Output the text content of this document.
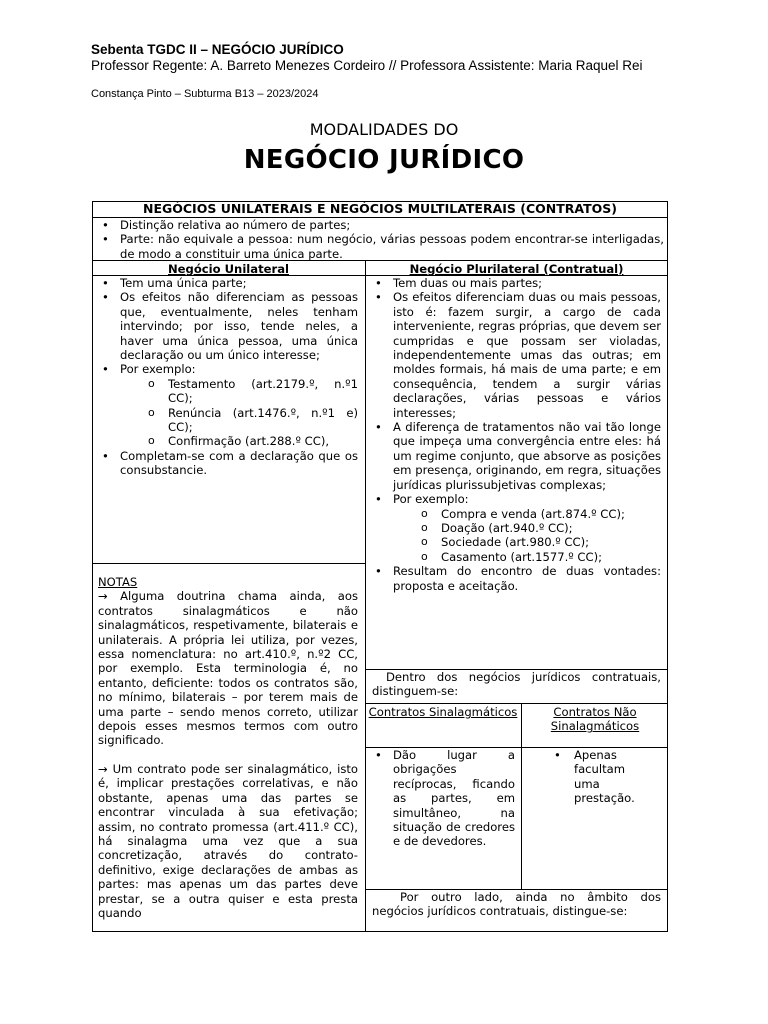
Sebenta TGDC II – NEGÓCIO JURÍDICO
Professor Regente: A. Barreto Menezes Cordeiro // Professora Assistente: Maria Raquel Rei
Constança Pinto – Subturma B13 – 2023/2024
MODALIDADES DO
NEGÓCIO JURÍDICO
NEGÓCIOS UNILATERAIS E NEGÓCIOS MULTILATERAIS (CONTRATOS)
• Distinção relativa ao número de partes;
• Parte: não equivale a pessoa: num negócio, várias pessoas podem encontrar-se interligadas, de modo a constituir uma única parte.
Negócio Unilateral	Negócio Plurilateral (Contratual)
• Tem uma única parte;
• Os efeitos não diferenciam as pessoas que, eventualmente, neles tenham intervindo; por isso, tende neles, a haver uma única pessoa, uma única declaração ou um único interesse;
• Por exemplo:
o Testamento (art.2179.º, n.º1 CC);
o Renúncia (art.1476.º, n.º1 e) CC);
o Confirmação (art.288.º CC),
• Completam-se com a declaração que os consubstancie.

NOTAS

→ Alguma doutrina chama ainda, aos contratos sinalagmáticos e não sinalagmáticos, respetivamente, bilaterais e unilaterais. A própria lei utiliza, por vezes, essa nomenclatura: no art.410.º, n.º2 CC, por exemplo. Esta terminologia é, no entanto, deficiente: todos os contratos são, no mínimo, bilaterais – por terem mais de uma parte – sendo menos correto, utilizar depois esses mesmos termos com outro significado.

→ Um contrato pode ser sinalagmático, isto é, implicar prestações correlativas, e não obstante, apenas uma das partes se encontrar vinculada à sua efetivação; assim, no contrato promessa (art.411.º CC), há sinalagma uma vez que a sua concretização, através do contrato-definitivo, exige declarações de ambas as partes: mas apenas um das partes deve prestar, se a outra quiser e esta presta quando

• Tem duas ou mais partes;
• Os efeitos diferenciam duas ou mais pessoas, isto é: fazem surgir, a cargo de cada interveniente, regras próprias, que devem ser cumpridas e que possam ser violadas, independentemente umas das outras; em moldes formais, há mais de uma parte; e em consequência, tendem a surgir várias declarações, várias pessoas e vários interesses;
• A diferença de tratamentos não vai tão longe que impeça uma convergência entre eles: há um regime conjunto, que absorve as posições em presença, originando, em regra, situações jurídicas plurissubjetivas complexas;
• Por exemplo:
o Compra e venda (art.874.º CC);
o Doação (art.940.º CC);
o Sociedade (art.980.º CC);
o Casamento (art.1577.º CC);
• Resultam do encontro de duas vontades: proposta e aceitação.
Dentro dos negócios jurídicos contratuais, distinguem-se:
Contratos Sinalagmáticos	Contratos Não Sinalagmáticos
• Dão lugar a obrigações recíprocas, ficando as partes, em simultâneo, na situação de credores e de devedores.
• Apenas facultam uma prestação.
Por outro lado, ainda no âmbito dos negócios jurídicos contratuais, distingue-se:
